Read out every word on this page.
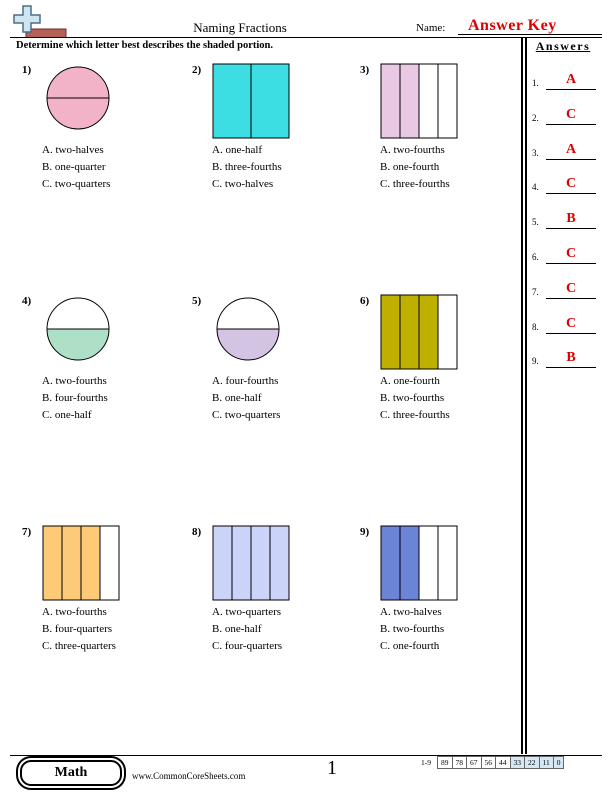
Naming Fractions	Name: Answer Key
Determine which letter best describes the shaded portion.	Answers
1.	A
2.	C
3.	A
4.	C
5.	B
6.	C
7.	C
8.	C
9.	B
1)
A. two-halves
B. one-quarter
C. two-quarters
2)
A. one-half
B. three-fourths
C. two-halves
3)
A. two-fourths
B. one-fourth
C. three-fourths
4)
A. two-fourths
B. four-fourths
C. one-half
5)
A. four-fourths
B. one-half
C. two-quarters
6)
A. one-fourth
B. two-fourths
C. three-fourths
7)
A. two-fourths
B. four-quarters
C. three-quarters
8)
A. two-quarters
B. one-half
C. four-quarters
9)
A. two-halves
B. two-fourths
C. one-fourth
Math	www.CommonCoreSheets.com	1	1-9	89	78	67	56	44	33	22	11	0
